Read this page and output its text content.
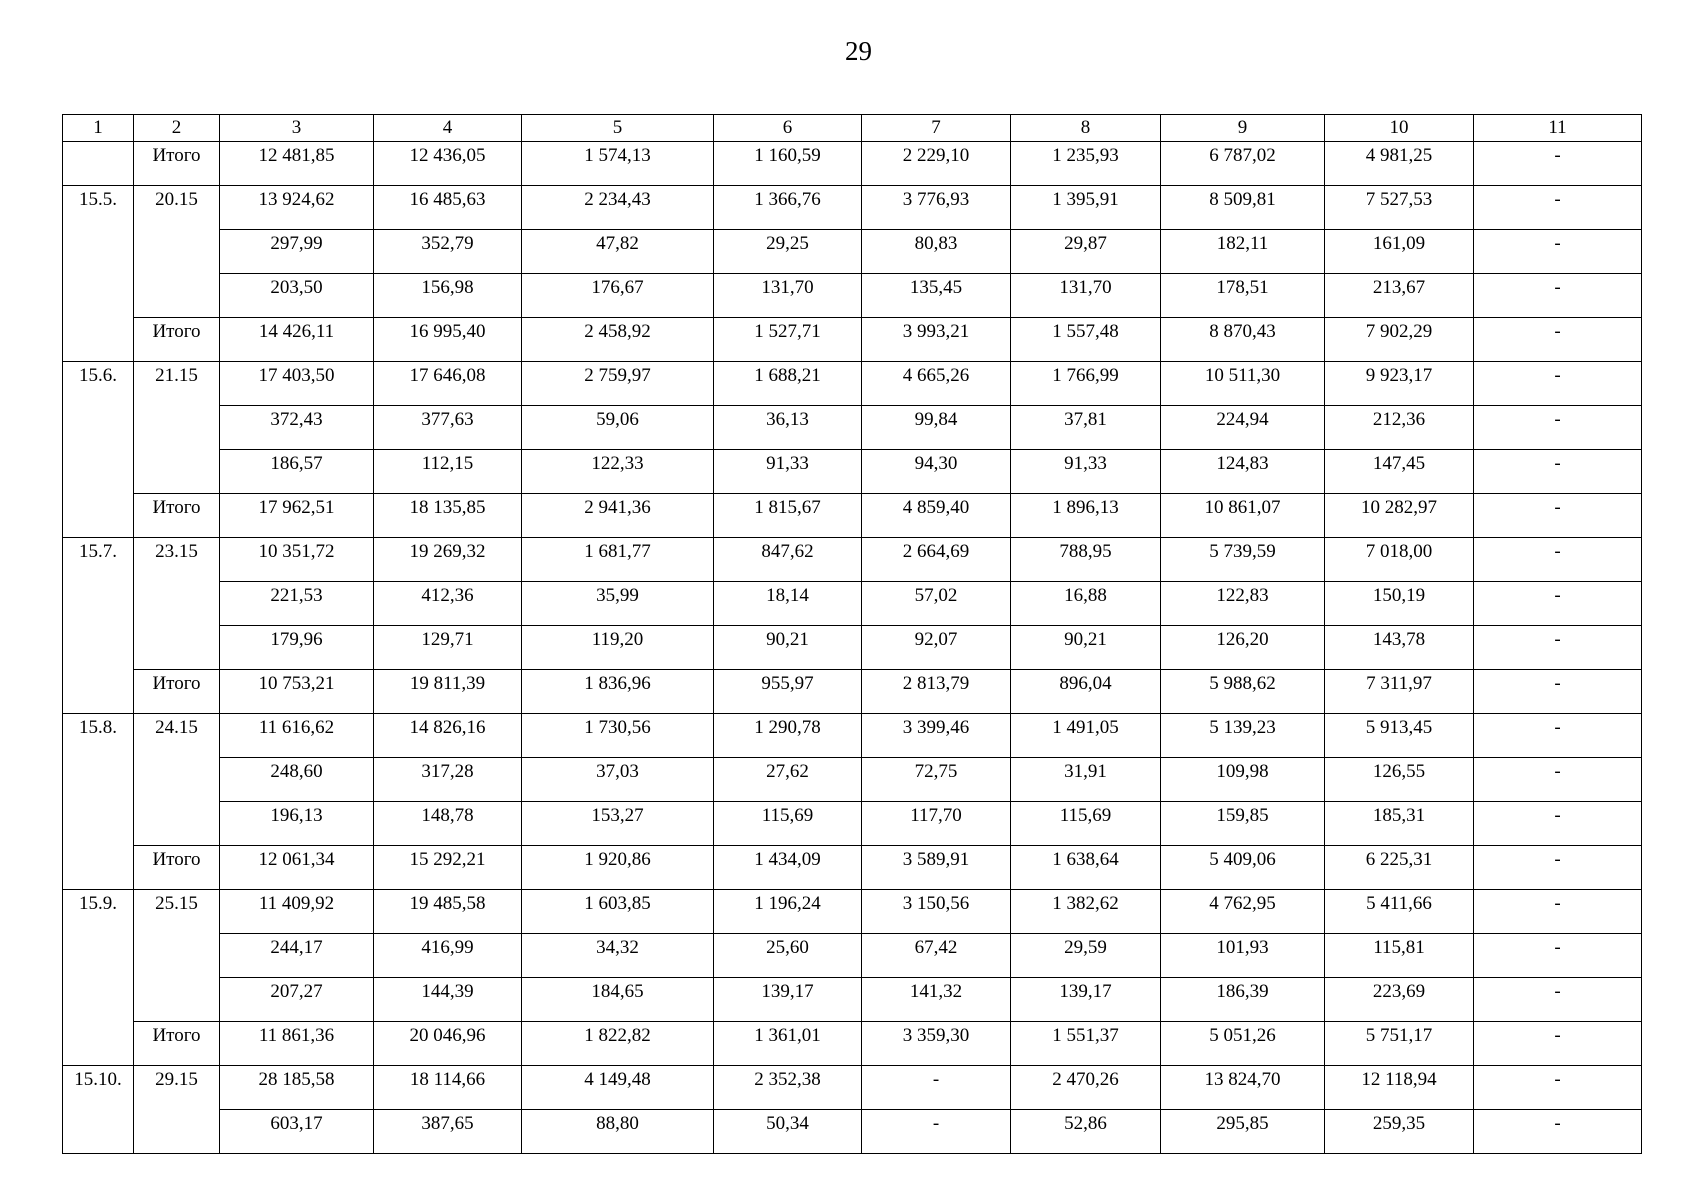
29
1	2	3	4	5	6	7	8	9	10	11
	Итого	12 481,85	12 436,05	1 574,13	1 160,59	2 229,10	1 235,93	6 787,02	4 981,25	-
15.5.	20.15	13 924,62	16 485,63	2 234,43	1 366,76	3 776,93	1 395,91	8 509,81	7 527,53	-
		297,99	352,79	47,82	29,25	80,83	29,87	182,11	161,09	-
		203,50	156,98	176,67	131,70	135,45	131,70	178,51	213,67	-
	Итого	14 426,11	16 995,40	2 458,92	1 527,71	3 993,21	1 557,48	8 870,43	7 902,29	-
15.6.	21.15	17 403,50	17 646,08	2 759,97	1 688,21	4 665,26	1 766,99	10 511,30	9 923,17	-
		372,43	377,63	59,06	36,13	99,84	37,81	224,94	212,36	-
		186,57	112,15	122,33	91,33	94,30	91,33	124,83	147,45	-
	Итого	17 962,51	18 135,85	2 941,36	1 815,67	4 859,40	1 896,13	10 861,07	10 282,97	-
15.7.	23.15	10 351,72	19 269,32	1 681,77	847,62	2 664,69	788,95	5 739,59	7 018,00	-
		221,53	412,36	35,99	18,14	57,02	16,88	122,83	150,19	-
		179,96	129,71	119,20	90,21	92,07	90,21	126,20	143,78	-
	Итого	10 753,21	19 811,39	1 836,96	955,97	2 813,79	896,04	5 988,62	7 311,97	-
15.8.	24.15	11 616,62	14 826,16	1 730,56	1 290,78	3 399,46	1 491,05	5 139,23	5 913,45	-
		248,60	317,28	37,03	27,62	72,75	31,91	109,98	126,55	-
		196,13	148,78	153,27	115,69	117,70	115,69	159,85	185,31	-
	Итого	12 061,34	15 292,21	1 920,86	1 434,09	3 589,91	1 638,64	5 409,06	6 225,31	-
15.9.	25.15	11 409,92	19 485,58	1 603,85	1 196,24	3 150,56	1 382,62	4 762,95	5 411,66	-
		244,17	416,99	34,32	25,60	67,42	29,59	101,93	115,81	-
		207,27	144,39	184,65	139,17	141,32	139,17	186,39	223,69	-
	Итого	11 861,36	20 046,96	1 822,82	1 361,01	3 359,30	1 551,37	5 051,26	5 751,17	-
15.10.	29.15	28 185,58	18 114,66	4 149,48	2 352,38	-	2 470,26	13 824,70	12 118,94	-
		603,17	387,65	88,80	50,34	-	52,86	295,85	259,35	-
